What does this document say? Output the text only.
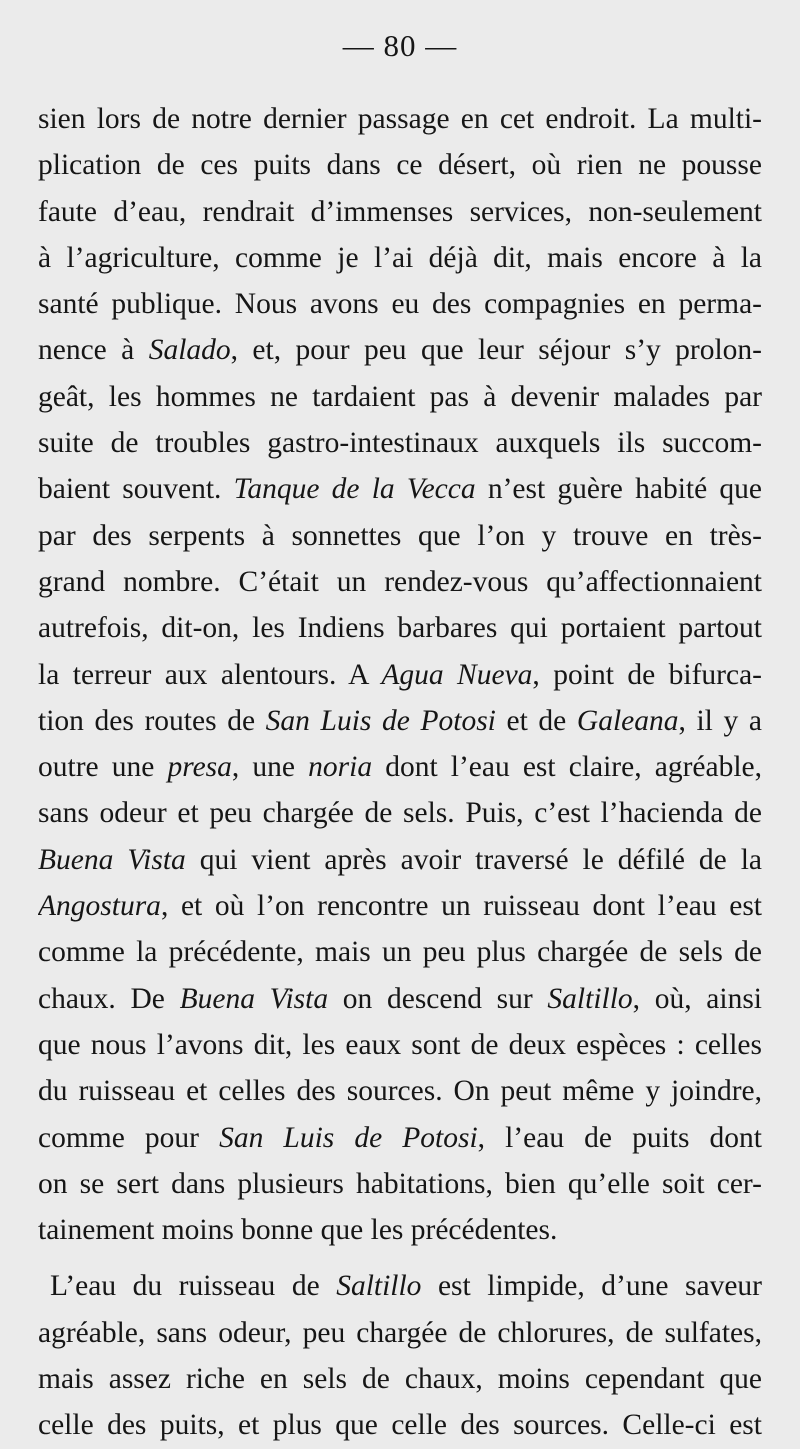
— 80 —
sien lors de notre dernier passage en cet endroit. La multi-
plication de ces puits dans ce désert, où rien ne pousse
faute d’eau, rendrait d’immenses services, non-seulement
à l’agriculture, comme je l’ai déjà dit, mais encore à la
santé publique. Nous avons eu des compagnies en perma-
nence à Salado, et, pour peu que leur séjour s’y prolon-
geât, les hommes ne tardaient pas à devenir malades par
suite de troubles gastro-intestinaux auxquels ils succom-
baient souvent. Tanque de la Vecca n’est guère habité que
par des serpents à sonnettes que l’on y trouve en très-
grand nombre. C’était un rendez-vous qu’affectionnaient
autrefois, dit-on, les Indiens barbares qui portaient partout
la terreur aux alentours. A Agua Nueva, point de bifurca-
tion des routes de San Luis de Potosi et de Galeana, il y a
outre une presa, une noria dont l’eau est claire, agréable,
sans odeur et peu chargée de sels. Puis, c’est l’hacienda de
Buena Vista qui vient après avoir traversé le défilé de la
Angostura, et où l’on rencontre un ruisseau dont l’eau est
comme la précédente, mais un peu plus chargée de sels de
chaux. De Buena Vista on descend sur Saltillo, où, ainsi
que nous l’avons dit, les eaux sont de deux espèces : celles
du ruisseau et celles des sources. On peut même y joindre,
comme pour San Luis de Potosi, l’eau de puits dont
on se sert dans plusieurs habitations, bien qu’elle soit cer-
tainement moins bonne que les précédentes.
L’eau du ruisseau de Saltillo est limpide, d’une saveur
agréable, sans odeur, peu chargée de chlorures, de sulfates,
mais assez riche en sels de chaux, moins cependant que
celle des puits, et plus que celle des sources. Celle-ci est
